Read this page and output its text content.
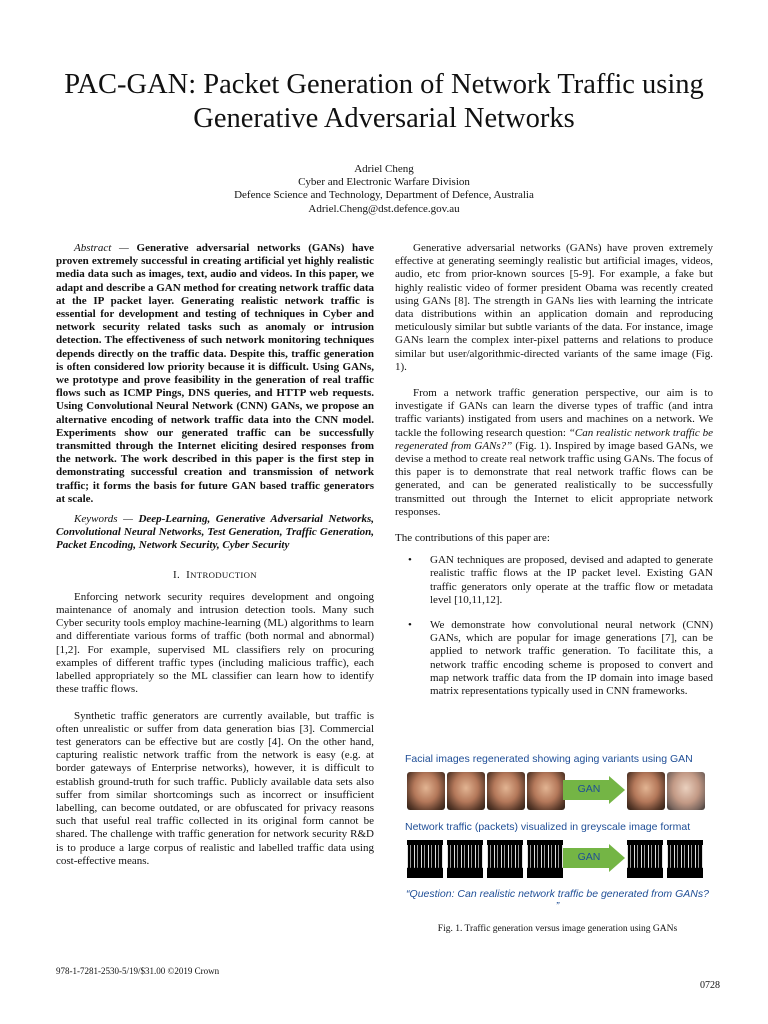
PAC-GAN: Packet Generation of Network Traffic using Generative Adversarial Networks
Adriel Cheng
Cyber and Electronic Warfare Division
Defence Science and Technology, Department of Defence, Australia
Adriel.Cheng@dst.defence.gov.au

Abstract — Generative adversarial networks (GANs) have proven extremely successful in creating artificial yet highly realistic media data such as images, text, audio and videos. In this paper, we adapt and describe a GAN method for creating network traffic data at the IP packet layer. Generating realistic network traffic is essential for development and testing of techniques in Cyber and network security related tasks such as anomaly or intrusion detection. The effectiveness of such network monitoring techniques depends directly on the traffic data. Despite this, traffic generation is often considered low priority because it is difficult. Using GANs, we prototype and prove feasibility in the generation of real traffic flows such as ICMP Pings, DNS queries, and HTTP web requests. Using Convolutional Neural Network (CNN) GANs, we propose an alternative encoding of network traffic data into the CNN model. Experiments show our generated traffic can be successfully transmitted through the Internet eliciting desired responses from the network. The work described in this paper is the first step in demonstrating successful creation and transmission of network traffic; it forms the basis for future GAN based traffic generators at scale.

Keywords — Deep-Learning, Generative Adversarial Networks, Convolutional Neural Networks, Test Generation, Traffic Generation, Packet Encoding, Network Security, Cyber Security

I. INTRODUCTION

Enforcing network security requires development and ongoing maintenance of anomaly and intrusion detection tools. Many such Cyber security tools employ machine-learning (ML) algorithms to learn and differentiate various forms of traffic (both normal and abnormal) [1,2]. For example, supervised ML classifiers rely on procuring examples of different traffic types (including malicious traffic), each labelled appropriately so the ML classifier can learn how to identify these traffic flows.

Synthetic traffic generators are currently available, but traffic is often unrealistic or suffer from data generation bias [3]. Commercial test generators can be effective but are costly [4]. On the other hand, capturing realistic network traffic from the network is easy (e.g. at border gateways of Enterprise networks), however, it is difficult to establish ground-truth for such traffic. Publicly available data sets also suffer from similar shortcomings such as incorrect or insufficient labelling, can become outdated, or are obfuscated for privacy reasons such that useful real traffic collected in its original form cannot be shared. The challenge with traffic generation for network security R&D is to produce a large corpus of realistic and labelled traffic data using cost-effective means.

Generative adversarial networks (GANs) have proven extremely effective at generating seemingly realistic but artificial images, videos, audio, etc from prior-known sources [5-9]. For example, a fake but highly realistic video of former president Obama was recently created using GANs [8]. The strength in GANs lies with learning the intricate data distributions within an application domain and reproducing meticulously similar but subtle variants of the data. For instance, image GANs learn the complex inter-pixel patterns and relations to produce similar but user/algorithmic-directed variants of the same image (Fig. 1).

From a network traffic generation perspective, our aim is to investigate if GANs can learn the diverse types of traffic (and intra traffic variants) instigated from users and machines on a network. We tackle the following research question: “Can realistic network traffic be regenerated from GANs?” (Fig. 1). Inspired by image based GANs, we devise a method to create real network traffic using GANs. The focus of this paper is to demonstrate that real network traffic flows can be generated, and can be generated realistically to be successfully transmitted out through the Internet to elicit appropriate network responses.

The contributions of this paper are:

• GAN techniques are proposed, devised and adapted to generate realistic traffic flows at the IP packet level. Existing GAN traffic generators only operate at the traffic flow or metadata level [10,11,12].
• We demonstrate how convolutional neural network (CNN) GANs, which are popular for image generations [7], can be applied to network traffic generation. To facilitate this, a network traffic encoding scheme is proposed to convert and map network traffic data from the IP domain into image based matrix representations typically used in CNN frameworks.
Facial images regenerated showing aging variants using GAN
GAN
Network traffic (packets) visualized in greyscale image format
GAN
“Question: Can realistic network traffic be generated from GANs? ”
Fig. 1. Traffic generation versus image generation using GANs
978-1-7281-2530-5/19/$31.00 ©2019 Crown
0728
